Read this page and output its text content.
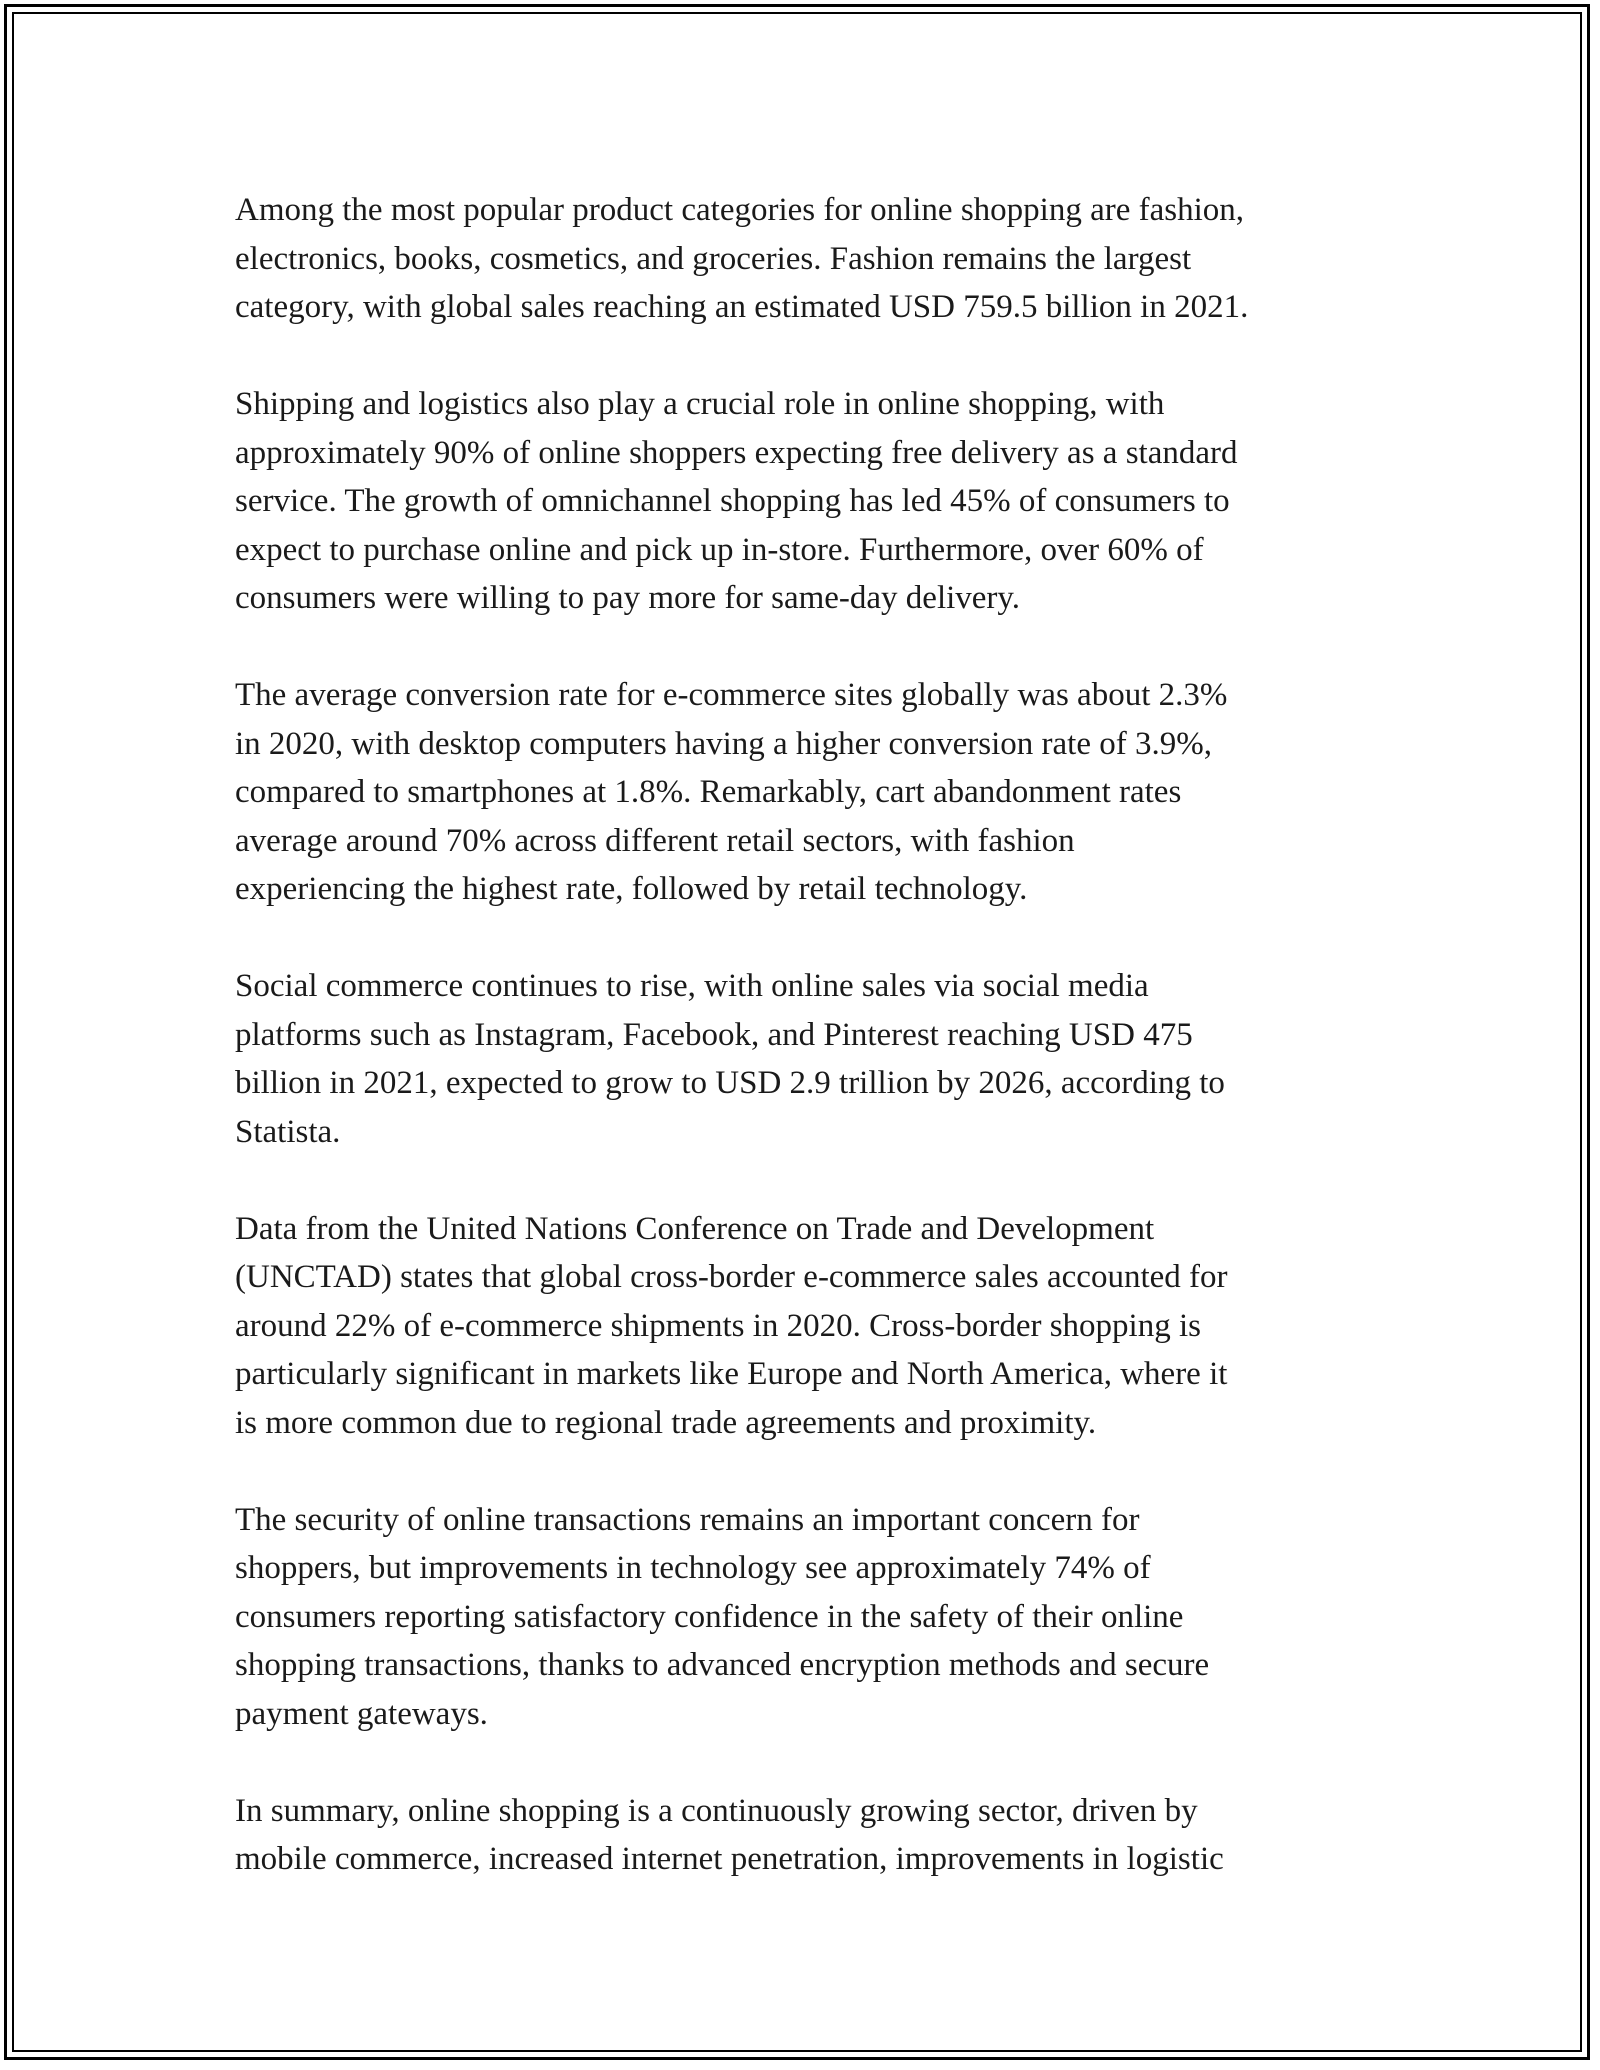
Among the most popular product categories for online shopping are fashion,
electronics, books, cosmetics, and groceries. Fashion remains the largest
category, with global sales reaching an estimated USD 759.5 billion in 2021.

Shipping and logistics also play a crucial role in online shopping, with
approximately 90% of online shoppers expecting free delivery as a standard
service. The growth of omnichannel shopping has led 45% of consumers to
expect to purchase online and pick up in-store. Furthermore, over 60% of
consumers were willing to pay more for same-day delivery.

The average conversion rate for e-commerce sites globally was about 2.3%
in 2020, with desktop computers having a higher conversion rate of 3.9%,
compared to smartphones at 1.8%. Remarkably, cart abandonment rates
average around 70% across different retail sectors, with fashion
experiencing the highest rate, followed by retail technology.

Social commerce continues to rise, with online sales via social media
platforms such as Instagram, Facebook, and Pinterest reaching USD 475
billion in 2021, expected to grow to USD 2.9 trillion by 2026, according to
Statista.

Data from the United Nations Conference on Trade and Development
(UNCTAD) states that global cross-border e-commerce sales accounted for
around 22% of e-commerce shipments in 2020. Cross-border shopping is
particularly significant in markets like Europe and North America, where it
is more common due to regional trade agreements and proximity.

The security of online transactions remains an important concern for
shoppers, but improvements in technology see approximately 74% of
consumers reporting satisfactory confidence in the safety of their online
shopping transactions, thanks to advanced encryption methods and secure
payment gateways.

In summary, online shopping is a continuously growing sector, driven by
mobile commerce, increased internet penetration, improvements in logistic
